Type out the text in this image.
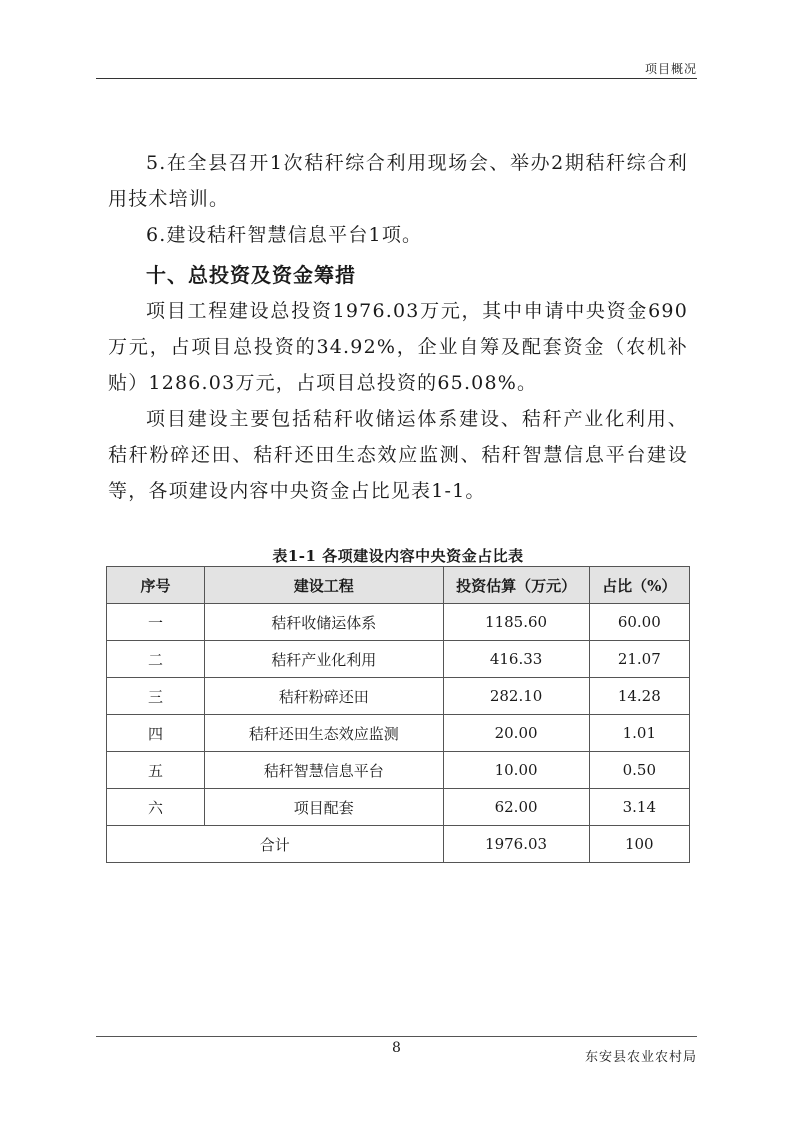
项目概况

5.在全县召开1次秸秆综合利用现场会、举办2期秸秆综合利用技术培训。

6.建设秸秆智慧信息平台1项。

十、总投资及资金筹措

项目工程建设总投资1976.03万元，其中申请中央资金690万元，占项目总投资的34.92%，企业自筹及配套资金（农机补贴）1286.03万元，占项目总投资的65.08%。

项目建设主要包括秸秆收储运体系建设、秸秆产业化利用、秸秆粉碎还田、秸秆还田生态效应监测、秸秆智慧信息平台建设等，各项建设内容中央资金占比见表1-1。

表1-1 各项建设内容中央资金占比表
序号	建设工程	投资估算（万元）	占比（%）
一	秸秆收储运体系	1185.60	60.00
二	秸秆产业化利用	416.33	21.07
三	秸秆粉碎还田	282.10	14.28
四	秸秆还田生态效应监测	20.00	1.01
五	秸秆智慧信息平台	10.00	0.50
六	项目配套	62.00	3.14
合计		1976.03	100
8
东安县农业农村局
